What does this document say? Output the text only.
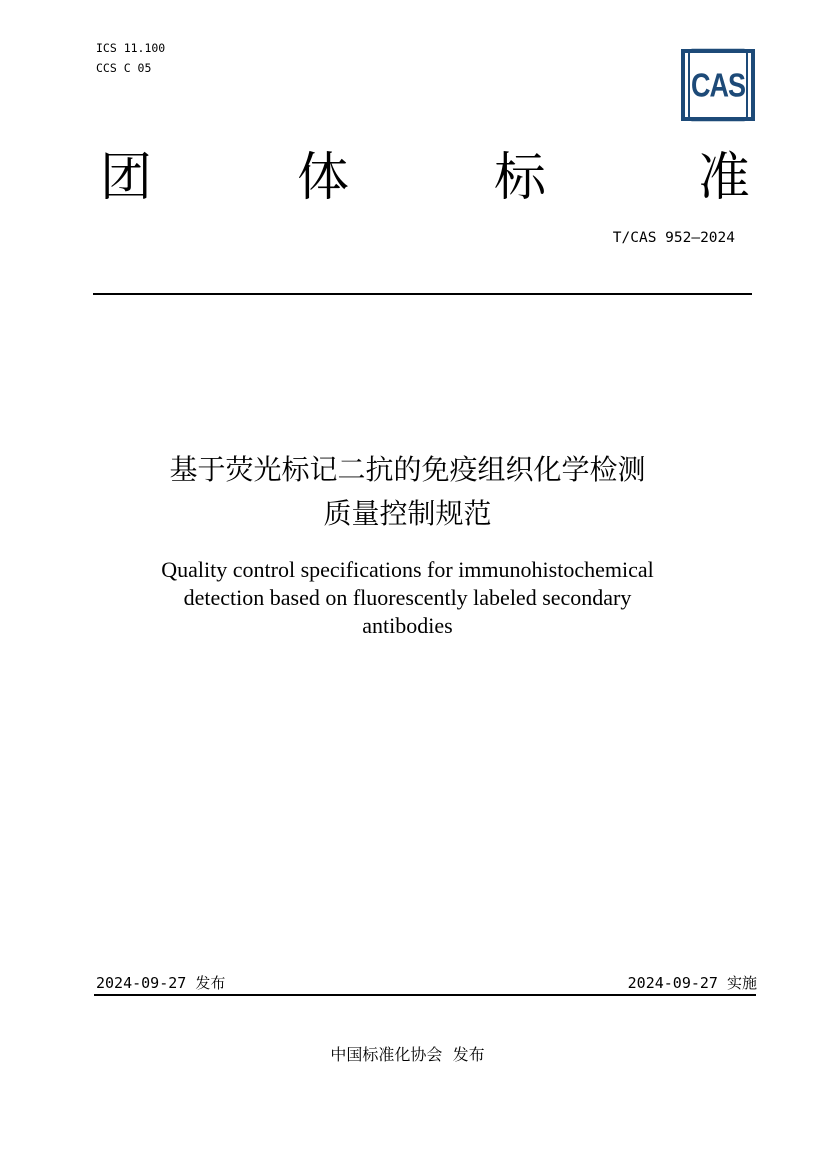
ICS 11.100
CCS C 05	CAS
团	体	标	准
T/CAS 952—2024
基于荧光标记二抗的免疫组织化学检测
质量控制规范
Quality control specifications for immunohistochemical
detection based on fluorescently labeled secondary
antibodies
2024-09-27 发布	2024-09-27 实施
中国标准化协会  发布
